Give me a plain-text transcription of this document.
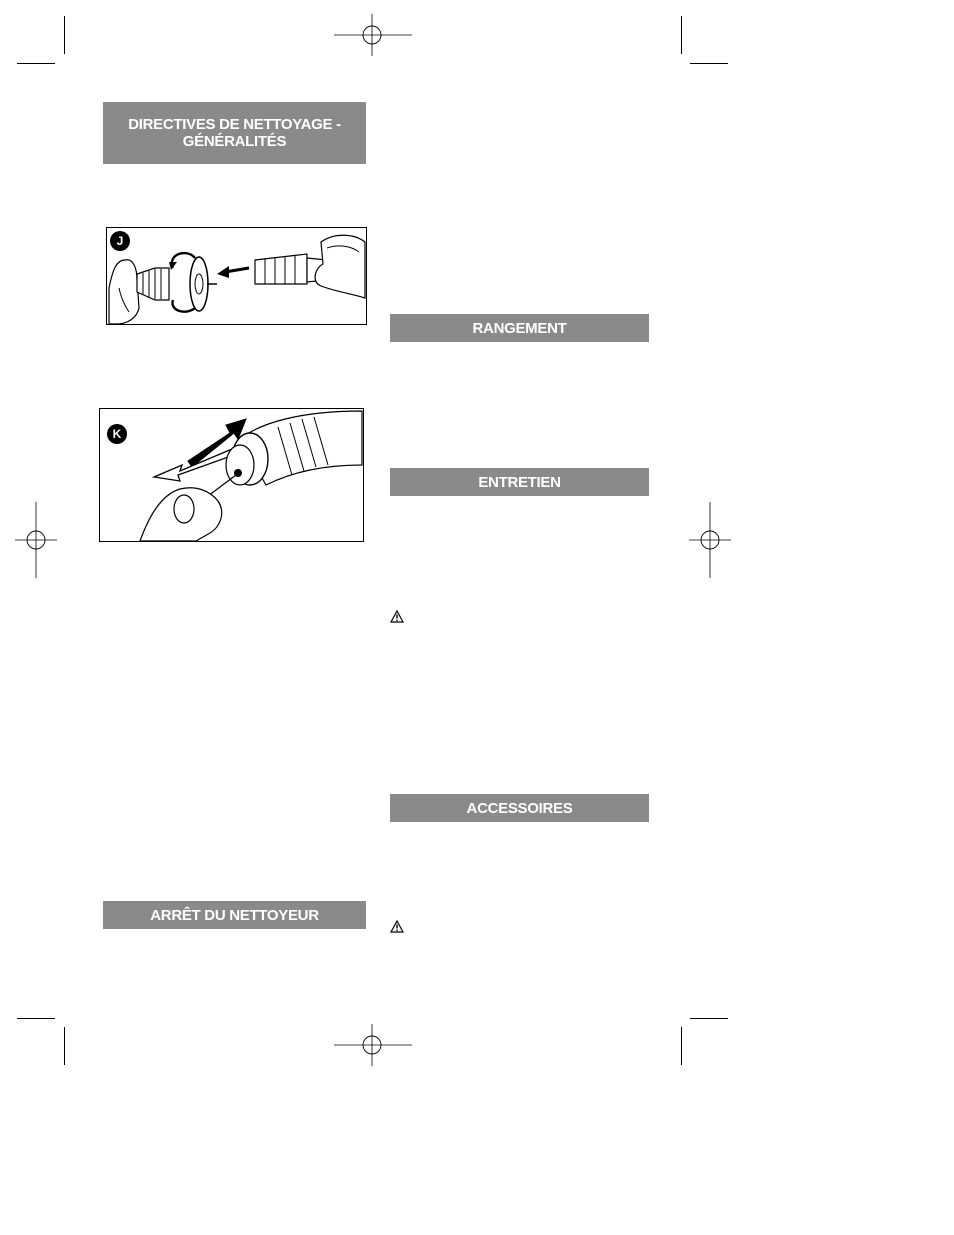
DIRECTIVES DE NETTOYAGE - GÉNÉRALITÉS
RANGEMENT
ENTRETIEN
ACCESSOIRES
ARRÊT DU NETTOYEUR
J
K
